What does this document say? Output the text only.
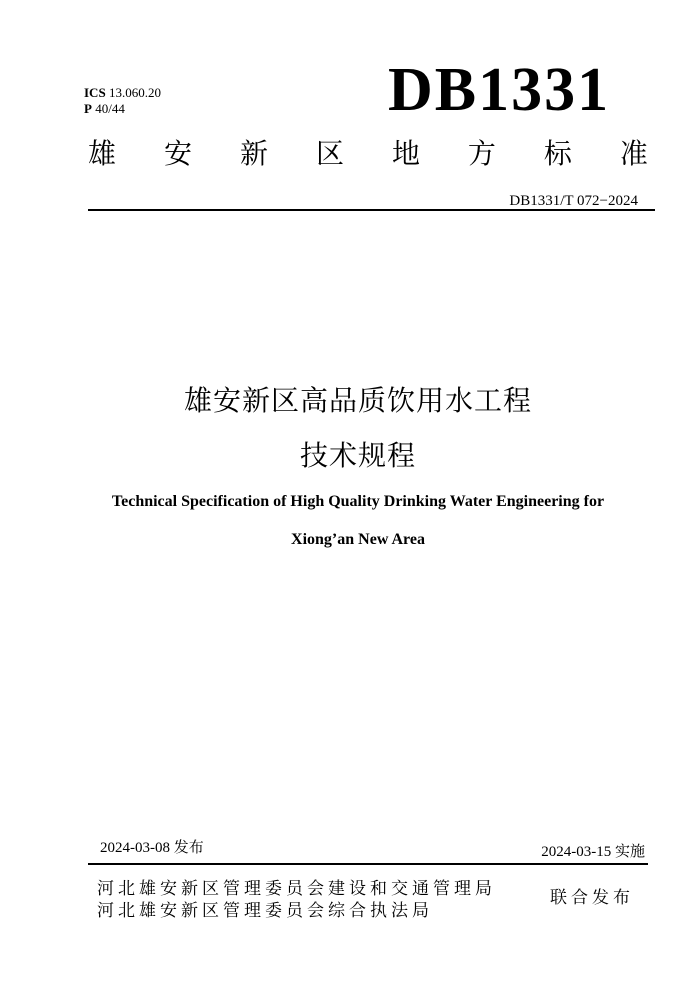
ICS 13.060.20
P 40/44	DB1331
雄 安 新 区 地 方 标 准
DB1331/T 072−2024
雄安新区高品质饮用水工程
技术规程
Technical Specification of High Quality Drinking Water Engineering for
Xiong’an New Area
2024-03-08 发布	2024-03-15 实施
河北雄安新区管理委员会建设和交通管理局
河北雄安新区管理委员会综合执法局
联合发布
